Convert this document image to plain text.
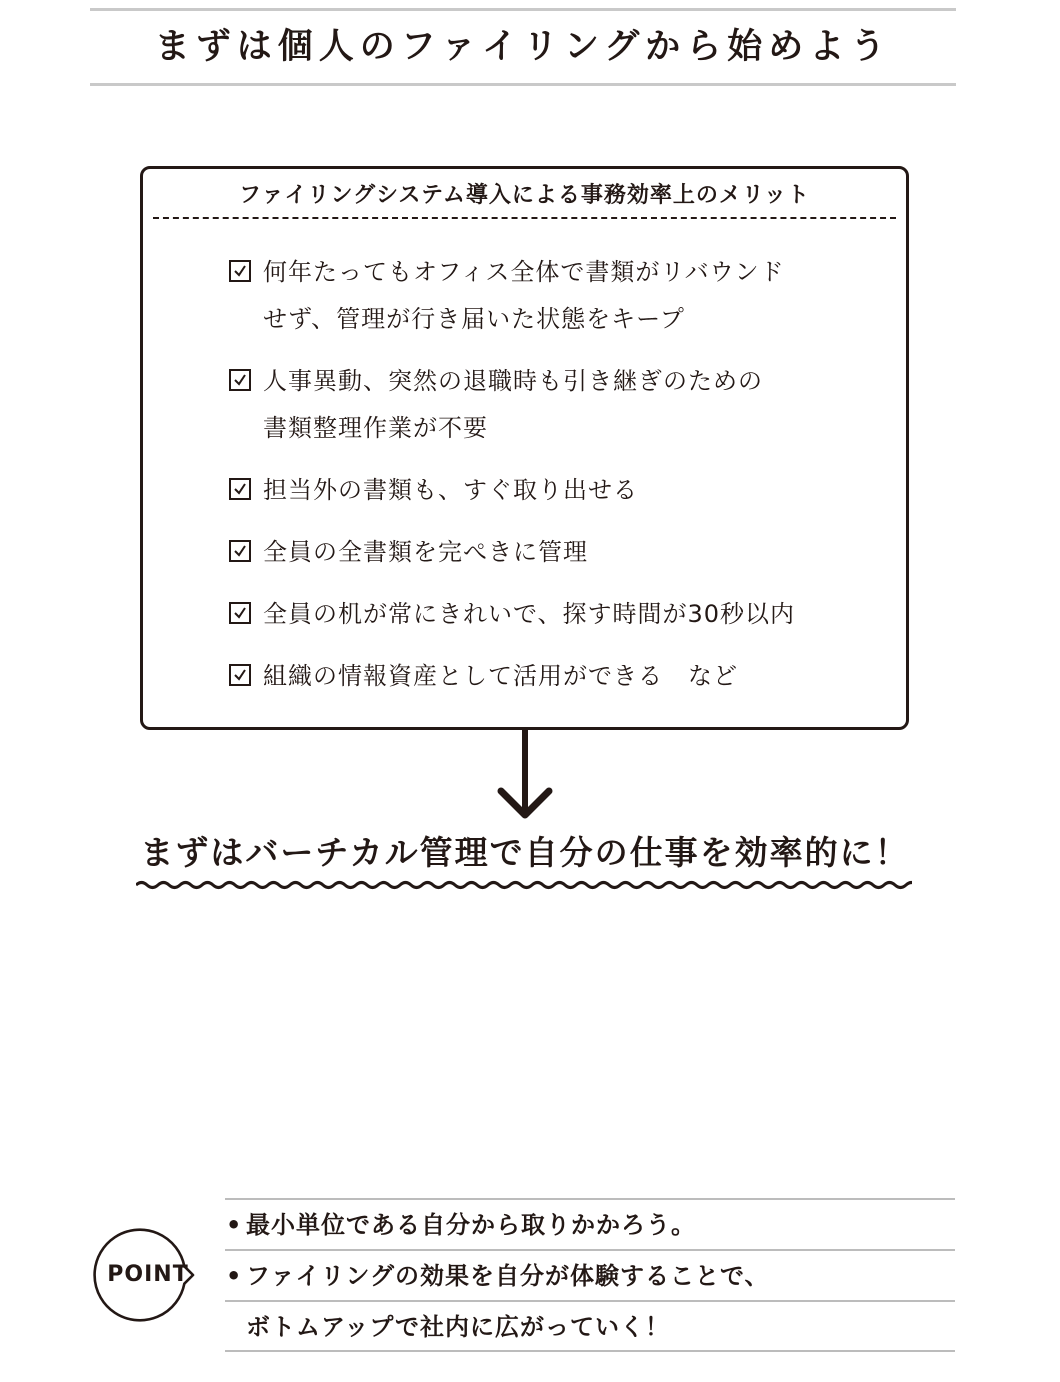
まずは個人のファイリングから始めよう
ファイリングシステム導入による事務効率上のメリット
何年たってもオフィス全体で書類がリバウンド
せず、管理が行き届いた状態をキープ
人事異動、突然の退職時も引き継ぎのための
書類整理作業が不要
担当外の書類も、すぐ取り出せる
全員の全書類を完ぺきに管理
全員の机が常にきれいで、探す時間が30秒以内
組織の情報資産として活用ができる　など
まずはバーチカル管理で自分の仕事を効率的に！
POINT
• 最小単位である自分から取りかかろう。
• ファイリングの効果を自分が体験することで、
ボトムアップで社内に広がっていく！
